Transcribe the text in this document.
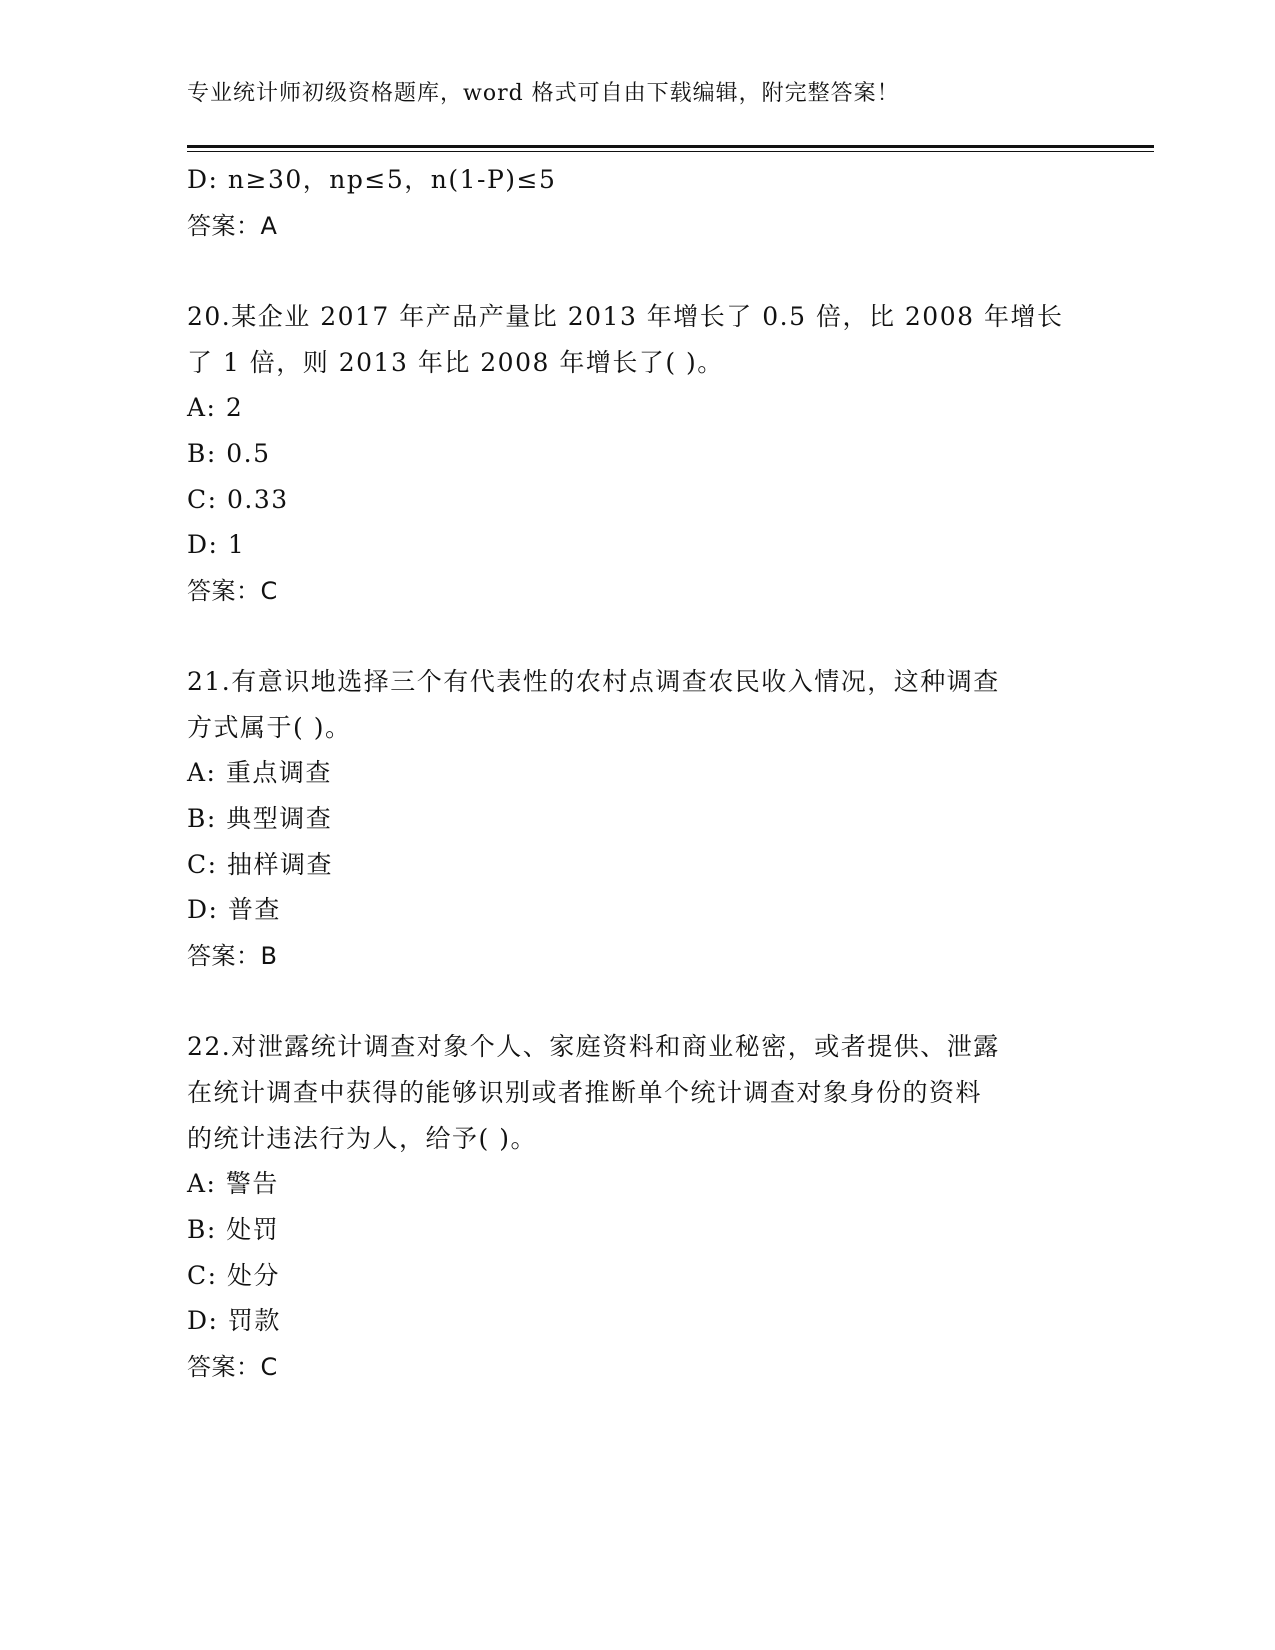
专业统计师初级资格题库，word 格式可自由下载编辑，附完整答案！
D: n≥30，np≤5，n(1-P)≤5
答案：A
20.某企业 2017 年产品产量比 2013 年增长了 0.5 倍，比 2008 年增长
了 1 倍，则 2013 年比 2008 年增长了( )。
A: 2
B: 0.5
C: 0.33
D: 1
答案：C
21.有意识地选择三个有代表性的农村点调查农民收入情况，这种调查
方式属于( )。
A: 重点调查
B: 典型调查
C: 抽样调查
D: 普查
答案：B
22.对泄露统计调查对象个人、家庭资料和商业秘密，或者提供、泄露
在统计调查中获得的能够识别或者推断单个统计调查对象身份的资料
的统计违法行为人，给予( )。
A: 警告
B: 处罚
C: 处分
D: 罚款
答案：C
